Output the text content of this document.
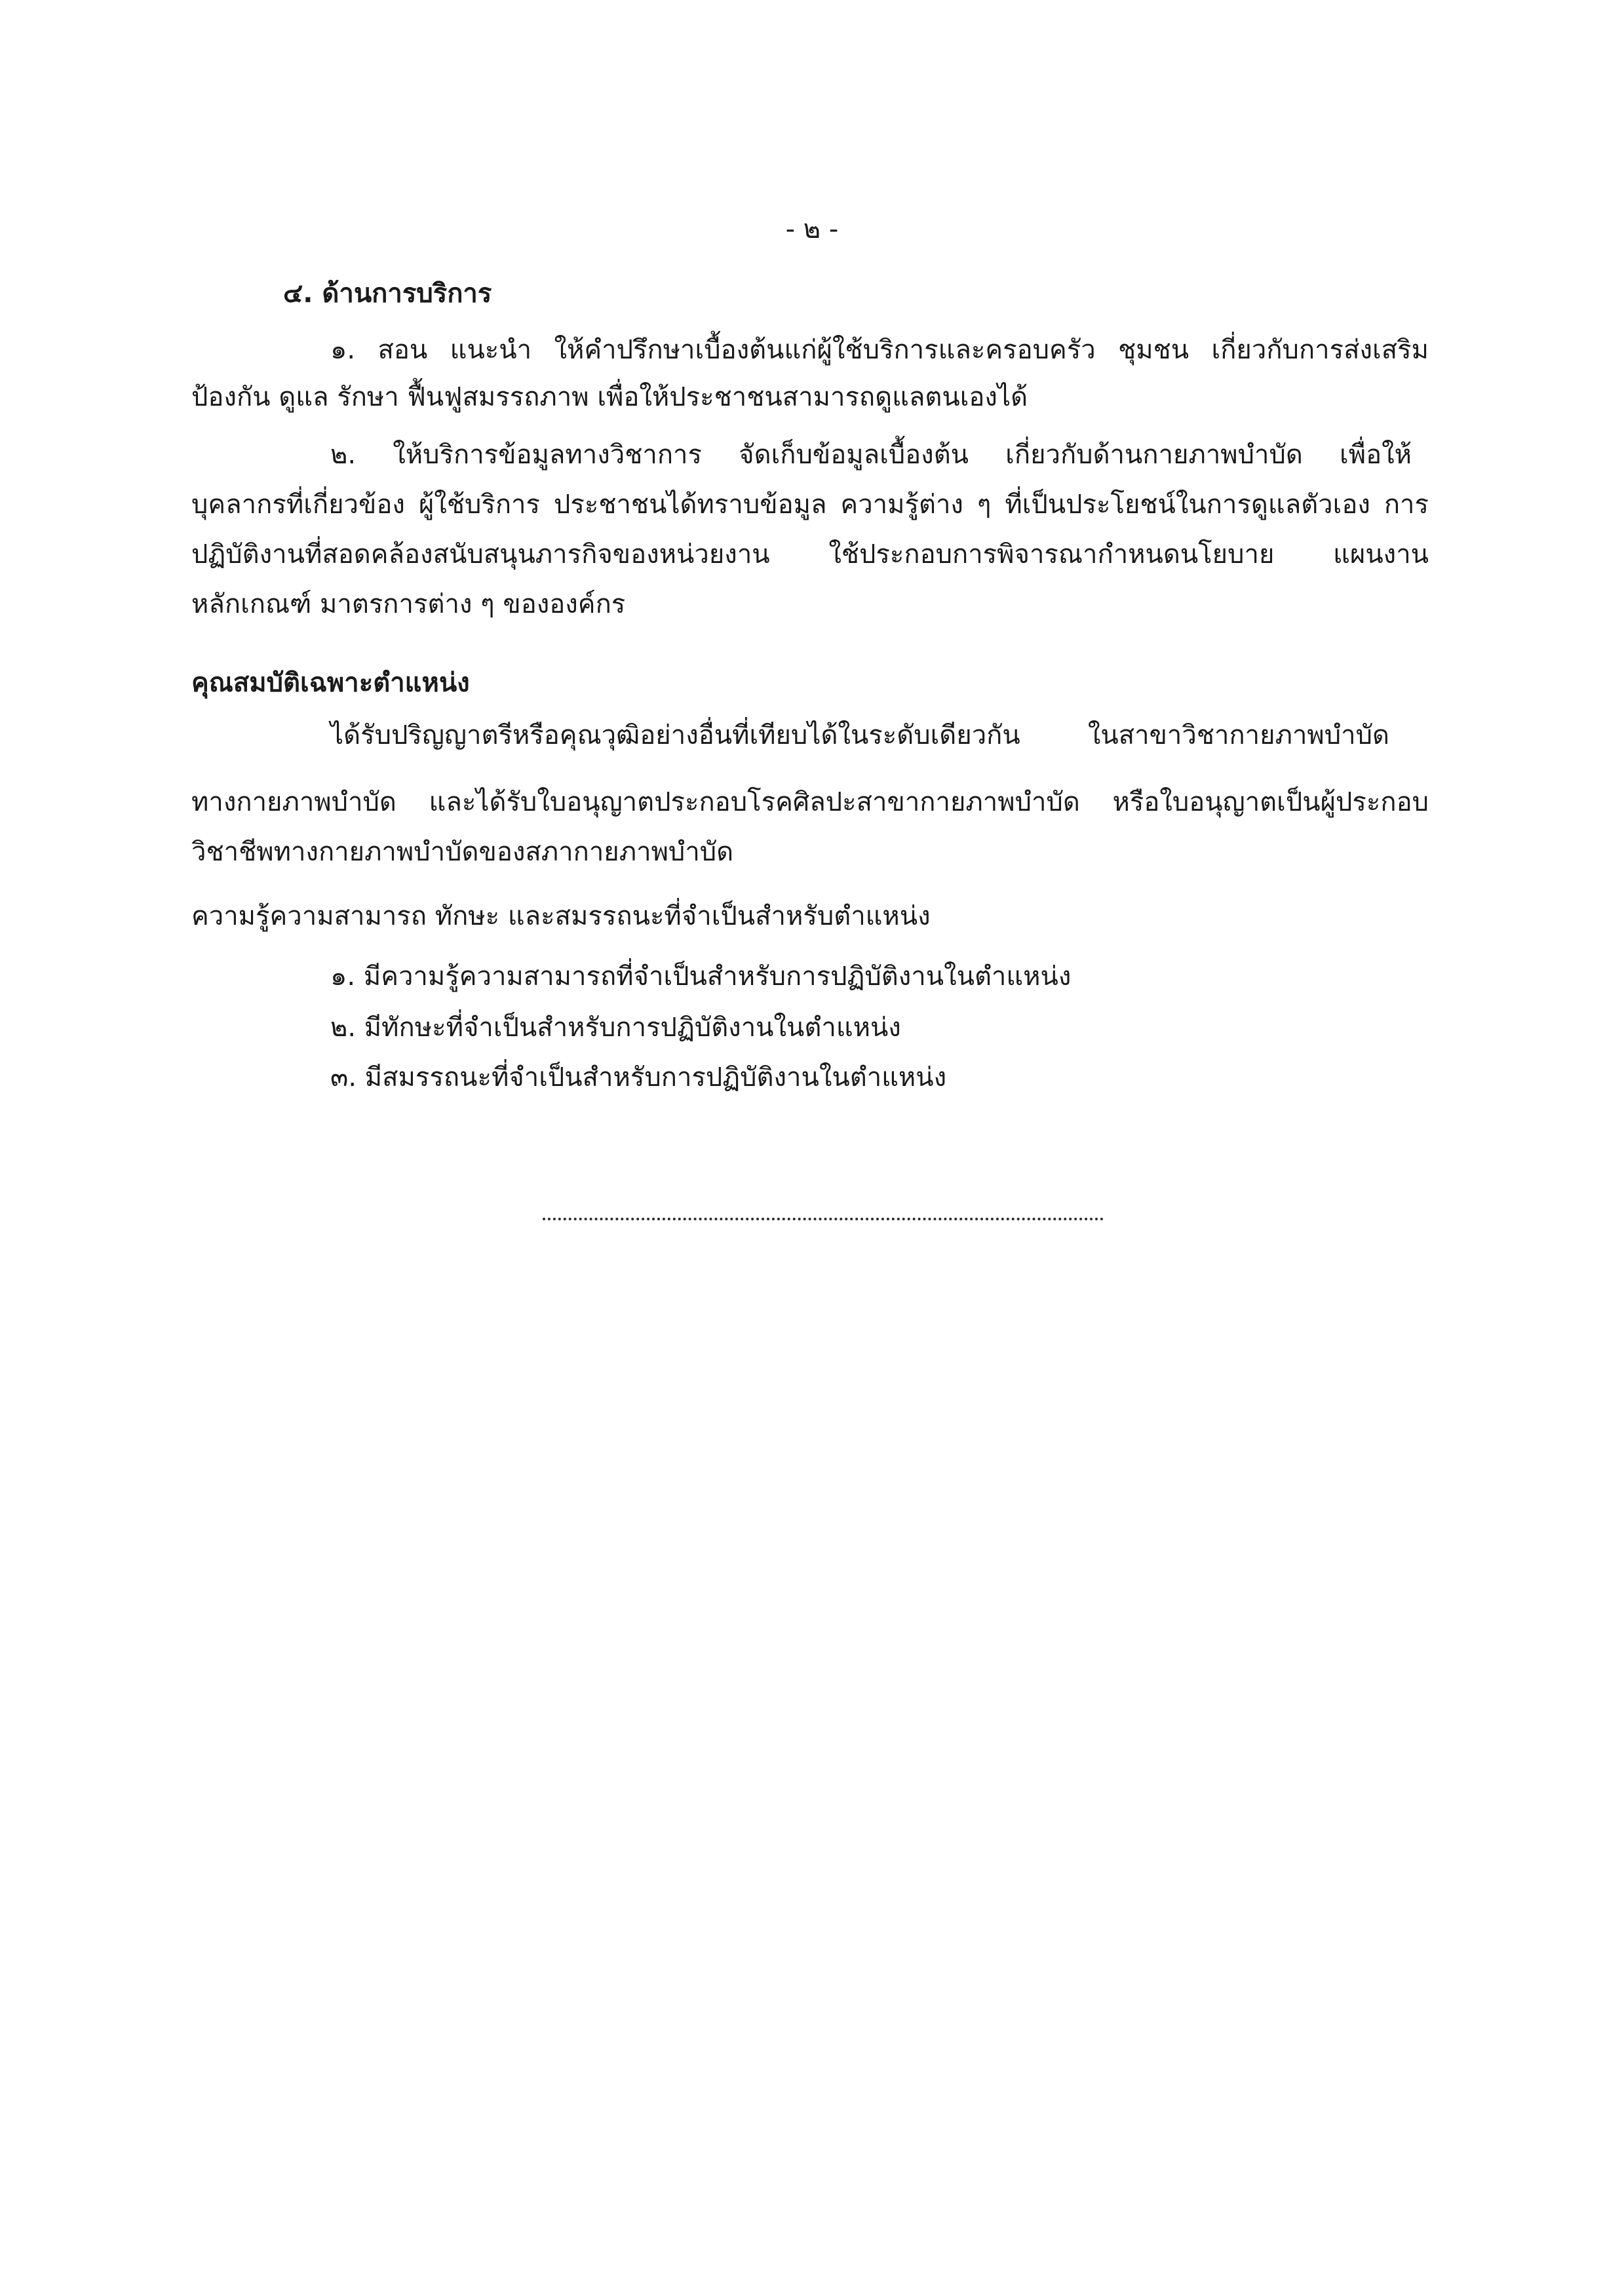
- ๒ -
๔. ด้านการบริการ
๑. สอน แนะนำ ให้คำปรึกษาเบื้องต้นแก่ผู้ใช้บริการและครอบครัว ชุมชน เกี่ยวกับการส่งเสริม
ป้องกัน ดูแล รักษา ฟื้นฟูสมรรถภาพ เพื่อให้ประชาชนสามารถดูแลตนเองได้
๒. ให้บริการข้อมูลทางวิชาการ จัดเก็บข้อมูลเบื้องต้น เกี่ยวกับด้านกายภาพบำบัด เพื่อให้
บุคลากรที่เกี่ยวข้อง ผู้ใช้บริการ ประชาชนได้ทราบข้อมูล ความรู้ต่าง ๆ ที่เป็นประโยชน์ในการดูแลตัวเอง การ
ปฏิบัติงานที่สอดคล้องสนับสนุนภารกิจของหน่วยงาน ใช้ประกอบการพิจารณากำหนดนโยบาย แผนงาน
หลักเกณฑ์ มาตรการต่าง ๆ ขององค์กร
คุณสมบัติเฉพาะตำแหน่ง
ได้รับปริญญาตรีหรือคุณวุฒิอย่างอื่นที่เทียบได้ในระดับเดียวกัน ในสาขาวิชากายภาพบำบัด
ทางกายภาพบำบัด และได้รับใบอนุญาตประกอบโรคศิลปะสาขากายภาพบำบัด หรือใบอนุญาตเป็นผู้ประกอบ
วิชาชีพทางกายภาพบำบัดของสภากายภาพบำบัด
ความรู้ความสามารถ ทักษะ และสมรรถนะที่จำเป็นสำหรับตำแหน่ง
๑. มีความรู้ความสามารถที่จำเป็นสำหรับการปฏิบัติงานในตำแหน่ง
๒. มีทักษะที่จำเป็นสำหรับการปฏิบัติงานในตำแหน่ง
๓. มีสมรรถนะที่จำเป็นสำหรับการปฏิบัติงานในตำแหน่ง
